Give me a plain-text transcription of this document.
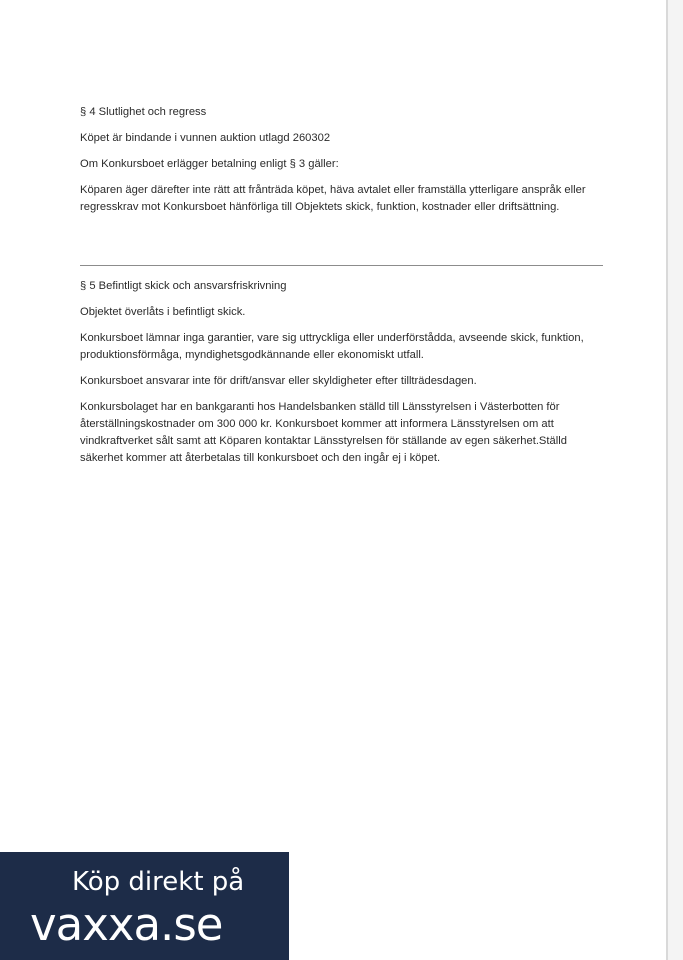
§ 4 Slutlighet och regress

Köpet är bindande i vunnen auktion utlagd 260302

Om Konkursboet erlägger betalning enligt § 3 gäller:

Köparen äger därefter inte rätt att frånträda köpet, häva avtalet eller framställa ytterligare anspråk eller regresskrav mot Konkursboet hänförliga till Objektets skick, funktion, kostnader eller driftsättning.

§ 5 Befintligt skick och ansvarsfriskrivning

Objektet överlåts i befintligt skick.

Konkursboet lämnar inga garantier, vare sig uttryckliga eller underförstådda, avseende skick, funktion, produktionsförmåga, myndighetsgodkännande eller ekonomiskt utfall.

Konkursboet ansvarar inte för drift/ansvar eller skyldigheter efter tillträdesdagen.

Konkursbolaget har en bankgaranti hos Handelsbanken ställd till Länsstyrelsen i Västerbotten för återställningskostnader om 300 000 kr. Konkursboet kommer att informera Länsstyrelsen om att vindkraftverket sålt samt att Köparen kontaktar Länsstyrelsen för ställande av egen säkerhet.Ställd säkerhet kommer att återbetalas till konkursboet och den ingår ej i köpet.

Köp direkt på
vaxxa.se
